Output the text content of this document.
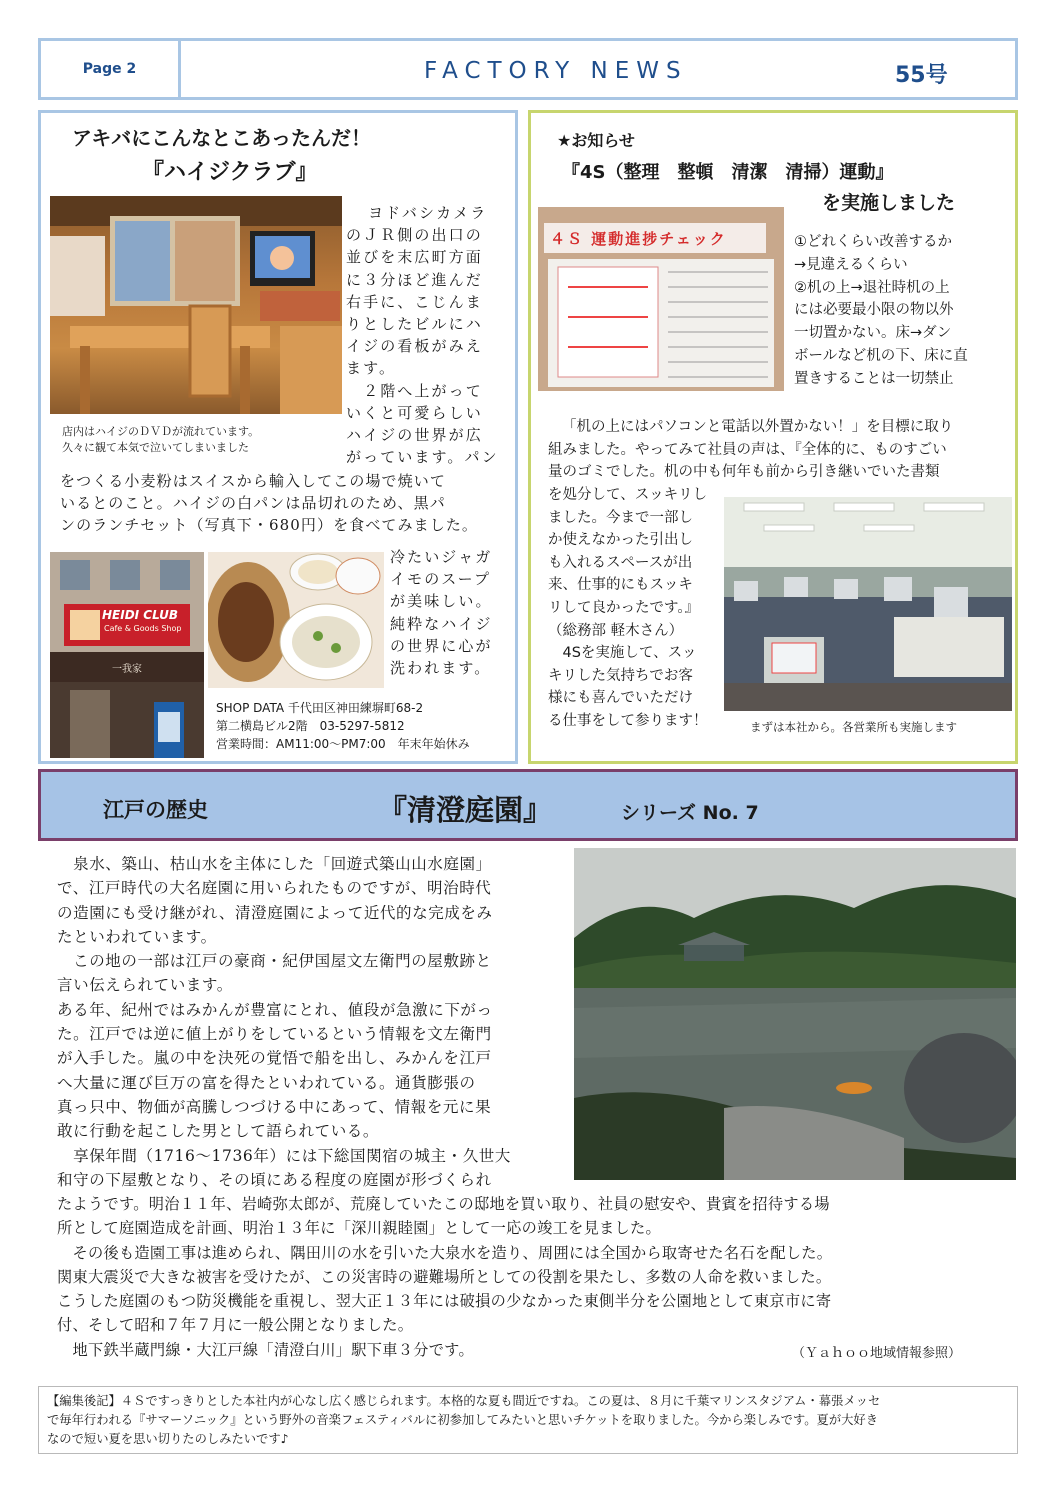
Page 2	FACTORY NEWS	55号
アキバにこんなとこあったんだ！
『ハイジクラブ』
店内はハイジのＤＶＤが流れています。
久々に観て本気で泣いてしまいました
ヨドバシカメラ
のＪＲ側の出口の
並びを末広町方面
に３分ほど進んだ
右手に、こじんま
りとしたビルにハ
イジの看板がみえ
ます。
　２階へ上がって
いくと可愛らしい
ハイジの世界が広
がっています。パン
をつくる小麦粉はスイスから輸入してこの場で焼いて
いるとのこと。ハイジの白パンは品切れのため、黒パ
ンのランチセット（写真下・680円）を食べてみました。
HEIDI CLUB
Cafe & Goods Shop
一我家
冷たいジャガ
イモのスープ
が美味しい。
純粋なハイジ
の世界に心が
洗われます。
SHOP DATA 千代田区神田練塀町68-2
第二横島ビル2階　03-5297-5812
営業時間：AM11:00～PM7:00　年末年始休み
★お知らせ
『4S（整理　整頓　清潔　清掃）運動』
を実施しました
４Ｓ 運動進捗チェック	①どれくらい改善するか
→見違えるくらい
②机の上→退社時机の上
には必要最小限の物以外
一切置かない。床→ダン
ボールなど机の下、床に直
置きすることは一切禁止
「机の上にはパソコンと電話以外置かない！」を目標に取り
組みました。やってみて社員の声は、『全体的に、ものすごい
量のゴミでした。机の中も何年も前から引き継いでいた書類
を処分して、スッキリし
ました。今まで一部し
か使えなかった引出し
も入れるスペースが出
来、仕事的にもスッキ
リして良かったです。』
（総務部 軽木さん）
　4Sを実施して、スッ
キリした気持ちでお客
様にも喜んでいただけ
る仕事をして参ります！	まずは本社から。各営業所も実施します
江戸の歴史	『清澄庭園』	シリーズ No. 7
　泉水、築山、枯山水を主体にした「回遊式築山山水庭園」
で、江戸時代の大名庭園に用いられたものですが、明治時代
の造園にも受け継がれ、清澄庭園によって近代的な完成をみ
たといわれています。
　この地の一部は江戸の豪商・紀伊国屋文左衛門の屋敷跡と
言い伝えられています。
ある年、紀州ではみかんが豊富にとれ、値段が急激に下がっ
た。江戸では逆に値上がりをしているという情報を文左衛門
が入手した。嵐の中を決死の覚悟で船を出し、みかんを江戸
へ大量に運び巨万の富を得たといわれている。通貨膨張の
真っ只中、物価が高騰しつづける中にあって、情報を元に果
敢に行動を起こした男として語られている。
　享保年間（1716～1736年）には下総国関宿の城主・久世大
和守の下屋敷となり、その頃にある程度の庭園が形づくられ
たようです。明治１１年、岩崎弥太郎が、荒廃していたこの邸地を買い取り、社員の慰安や、貴賓を招待する場
所として庭園造成を計画、明治１３年に「深川親睦園」として一応の竣工を見ました。
　その後も造園工事は進められ、隅田川の水を引いた大泉水を造り、周囲には全国から取寄せた名石を配した。
関東大震災で大きな被害を受けたが、この災害時の避難場所としての役割を果たし、多数の人命を救いました。
こうした庭園のもつ防災機能を重視し、翌大正１３年には破損の少なかった東側半分を公園地として東京市に寄
付、そして昭和７年７月に一般公開となりました。
　地下鉄半蔵門線・大江戸線「清澄白川」駅下車３分です。	（Ｙａｈｏｏ地域情報参照）
【編集後記】４Ｓですっきりとした本社内が心なし広く感じられます。本格的な夏も間近ですね。この夏は、８月に千葉マリンスタジアム・幕張メッセ
で毎年行われる『サマーソニック』という野外の音楽フェスティバルに初参加してみたいと思いチケットを取りました。今から楽しみです。夏が大好き
なので短い夏を思い切りたのしみたいです♪
